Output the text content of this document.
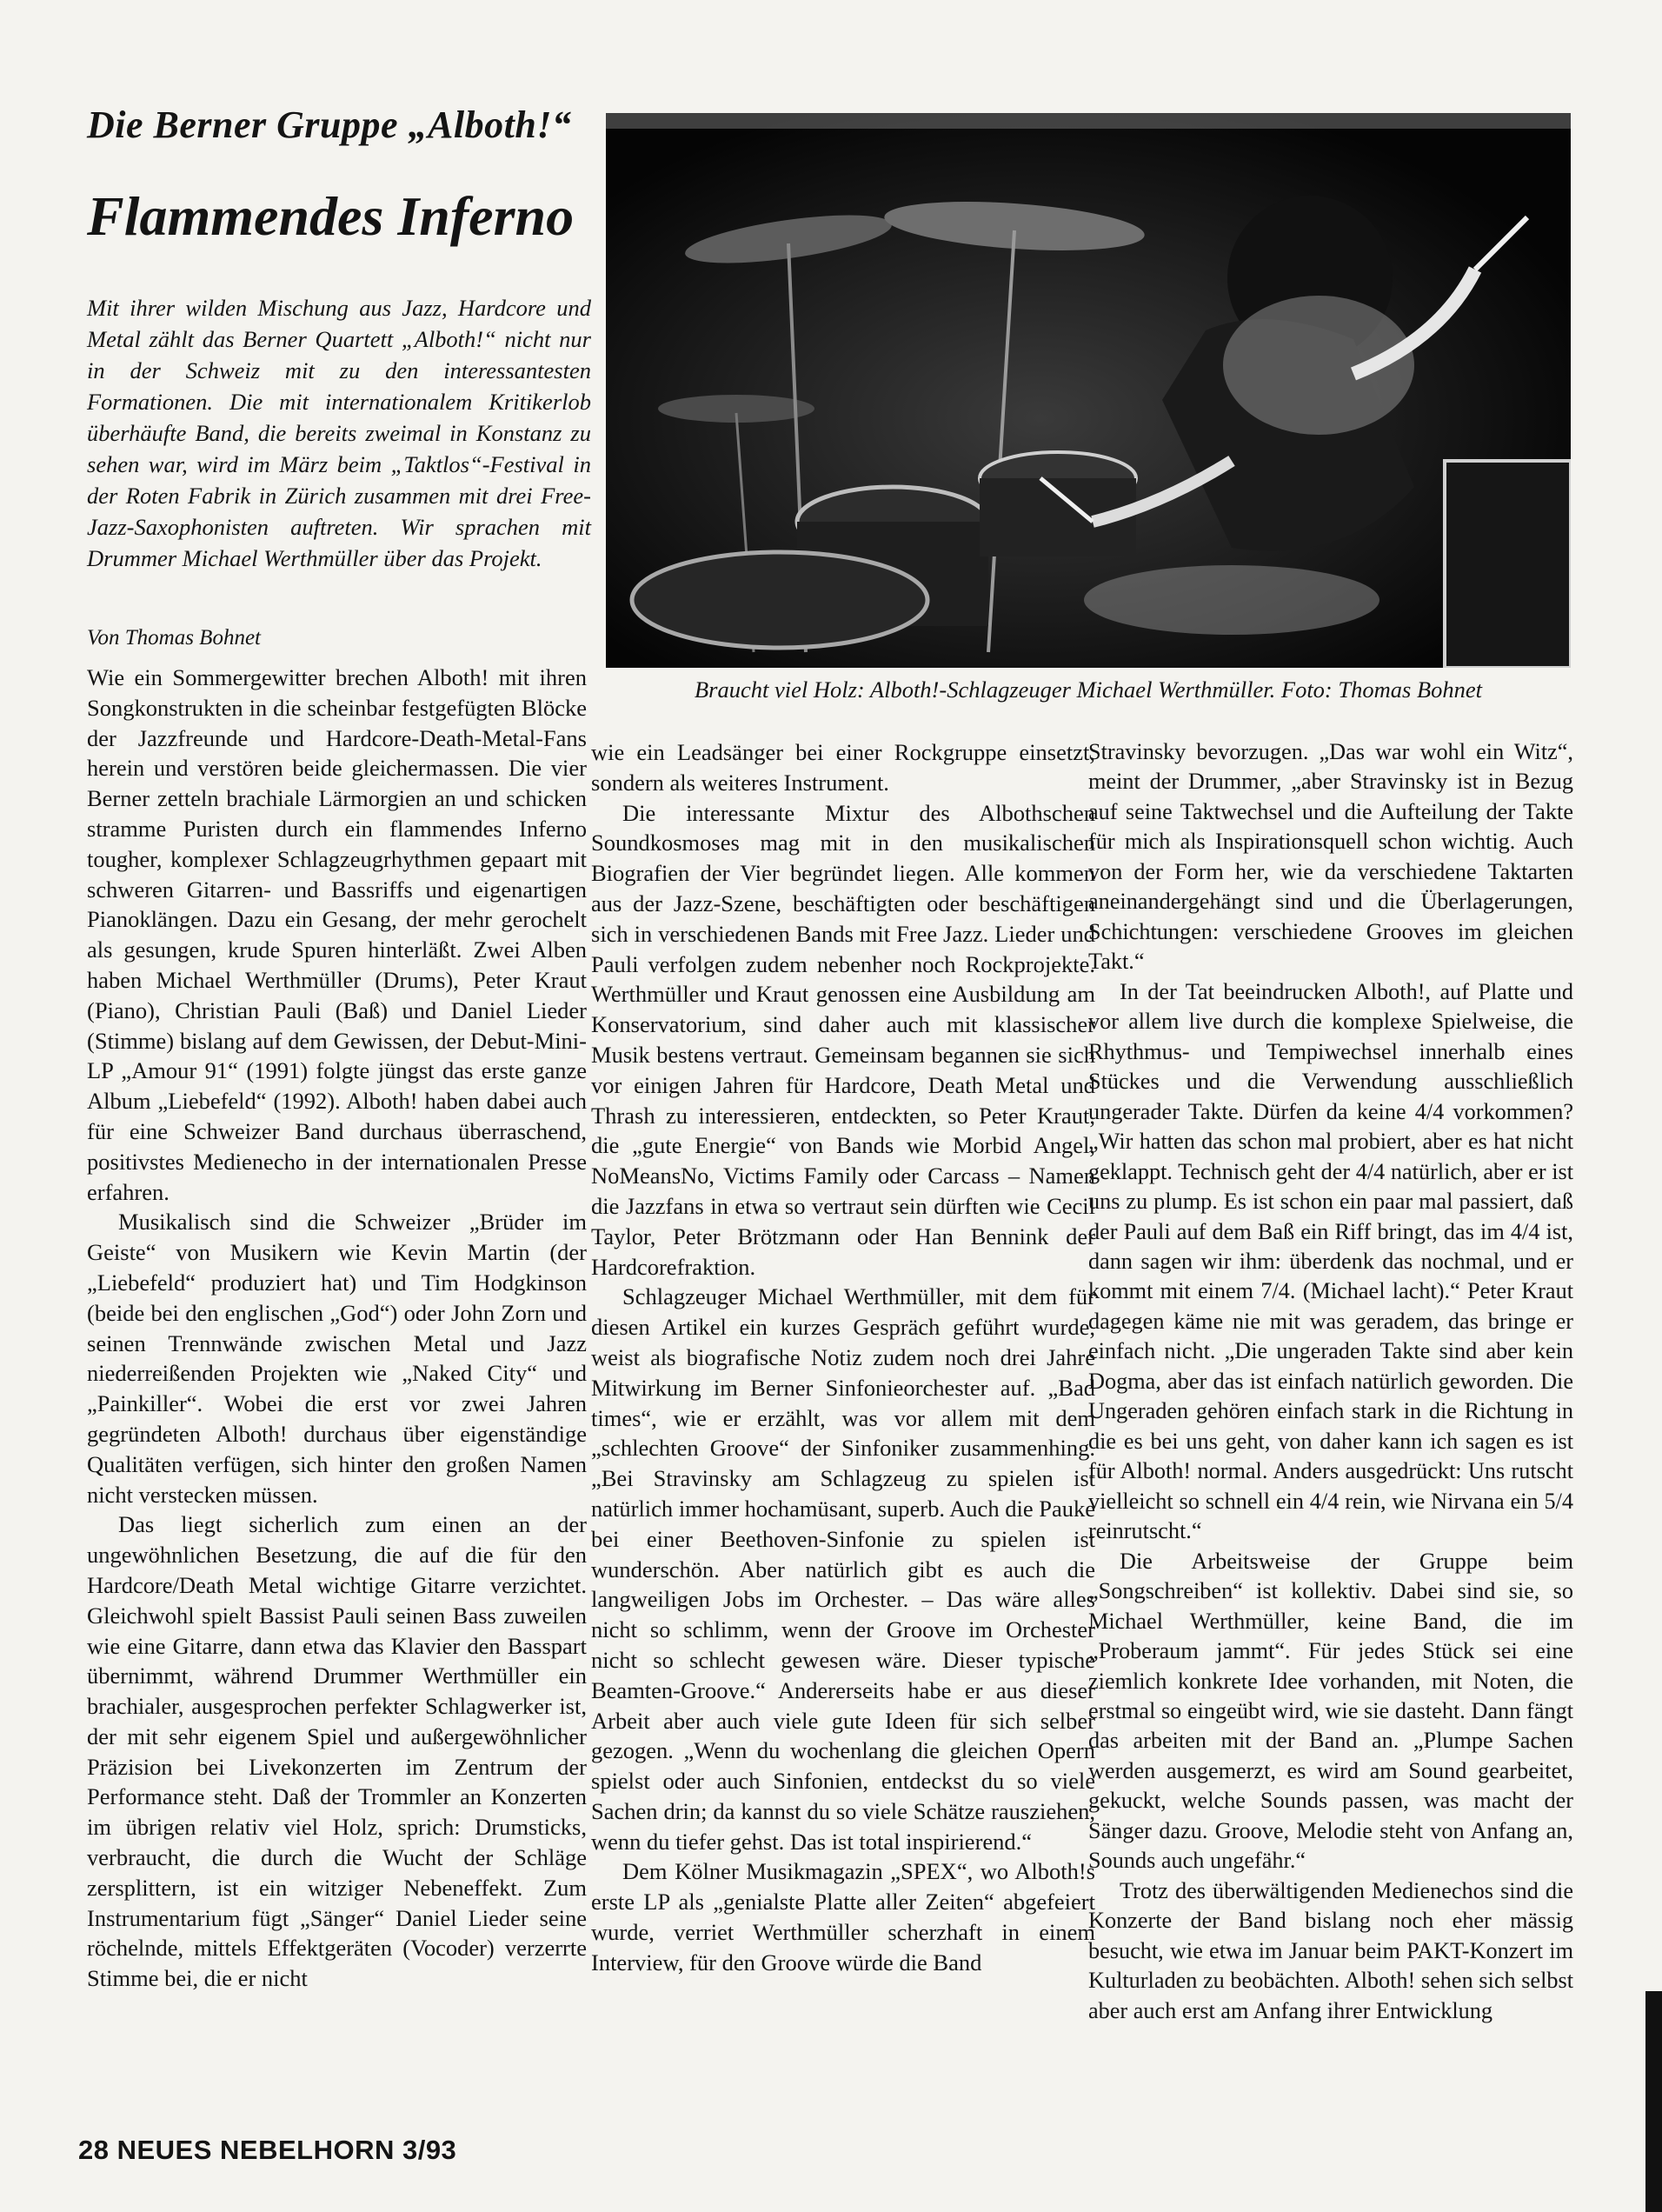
Die Berner Gruppe „Alboth!“
Flammendes Inferno

Mit ihrer wilden Mischung aus Jazz, Hardcore und Metal zählt das Berner Quartett „Alboth!“ nicht nur in der Schweiz mit zu den interessantesten Formationen. Die mit internationalem Kritikerlob überhäufte Band, die bereits zweimal in Konstanz zu sehen war, wird im März beim „Taktlos“-Festival in der Roten Fabrik in Zürich zusammen mit drei Free-Jazz-Saxophonisten auftreten. Wir sprachen mit Drummer Michael Werthmüller über das Projekt.

Von Thomas Bohnet

Braucht viel Holz: Alboth!-Schlagzeuger Michael Werthmüller. Foto: Thomas Bohnet

Wie ein Sommergewitter brechen Alboth! mit ihren Songkonstrukten in die scheinbar festgefügten Blöcke der Jazzfreunde und Hardcore-Death-Metal-Fans herein und verstören beide gleichermassen. Die vier Berner zetteln brachiale Lärmorgien an und schicken stramme Puristen durch ein flammendes Inferno tougher, komplexer Schlagzeugrhythmen gepaart mit schweren Gitarren- und Bassriffs und eigenartigen Pianoklängen. Dazu ein Gesang, der mehr gerochelt als gesungen, krude Spuren hinterläßt. Zwei Alben haben Michael Werthmüller (Drums), Peter Kraut (Piano), Christian Pauli (Baß) und Daniel Lieder (Stimme) bislang auf dem Gewissen, der Debut-Mini-LP „Amour 91“ (1991) folgte jüngst das erste ganze Album „Liebefeld“ (1992). Alboth! haben dabei auch für eine Schweizer Band durchaus überraschend, positivstes Medienecho in der internationalen Presse erfahren.

Musikalisch sind die Schweizer „Brüder im Geiste“ von Musikern wie Kevin Martin (der „Liebefeld“ produziert hat) und Tim Hodgkinson (beide bei den englischen „God“) oder John Zorn und seinen Trennwände zwischen Metal und Jazz niederreißenden Projekten wie „Naked City“ und „Painkiller“. Wobei die erst vor zwei Jahren gegründeten Alboth! durchaus über eigenständige Qualitäten verfügen, sich hinter den großen Namen nicht verstecken müssen.

Das liegt sicherlich zum einen an der ungewöhnlichen Besetzung, die auf die für den Hardcore/Death Metal wichtige Gitarre verzichtet. Gleichwohl spielt Bassist Pauli seinen Bass zuweilen wie eine Gitarre, dann etwa das Klavier den Basspart übernimmt, während Drummer Werthmüller ein brachialer, ausgesprochen perfekter Schlagwerker ist, der mit sehr eigenem Spiel und außergewöhnlicher Präzision bei Livekonzerten im Zentrum der Performance steht. Daß der Trommler an Konzerten im übrigen relativ viel Holz, sprich: Drumsticks, verbraucht, die durch die Wucht der Schläge zersplittern, ist ein witziger Nebeneffekt. Zum Instrumentarium fügt „Sänger“ Daniel Lieder seine röchelnde, mittels Effektgeräten (Vocoder) verzerrte Stimme bei, die er nicht

wie ein Leadsänger bei einer Rockgruppe einsetzt, sondern als weiteres Instrument.

Die interessante Mixtur des Albothschen Soundkosmoses mag mit in den musikalischen Biografien der Vier begründet liegen. Alle kommen aus der Jazz-Szene, beschäftigten oder beschäftigen sich in verschiedenen Bands mit Free Jazz. Lieder und Pauli verfolgen zudem nebenher noch Rockprojekte. Werthmüller und Kraut genossen eine Ausbildung am Konservatorium, sind daher auch mit klassischer Musik bestens vertraut. Gemeinsam begannen sie sich vor einigen Jahren für Hardcore, Death Metal und Thrash zu interessieren, entdeckten, so Peter Kraut, die „gute Energie“ von Bands wie Morbid Angel, NoMeansNo, Victims Family oder Carcass – Namen die Jazzfans in etwa so vertraut sein dürften wie Cecil Taylor, Peter Brötzmann oder Han Bennink der Hardcorefraktion.

Schlagzeuger Michael Werthmüller, mit dem für diesen Artikel ein kurzes Gespräch geführt wurde, weist als biografische Notiz zudem noch drei Jahre Mitwirkung im Berner Sinfonieorchester auf. „Bad times“, wie er erzählt, was vor allem mit dem „schlechten Groove“ der Sinfoniker zusammenhing. „Bei Stravinsky am Schlagzeug zu spielen ist natürlich immer hochamüsant, superb. Auch die Pauke bei einer Beethoven-Sinfonie zu spielen ist wunderschön. Aber natürlich gibt es auch die langweiligen Jobs im Orchester. – Das wäre alles nicht so schlimm, wenn der Groove im Orchester nicht so schlecht gewesen wäre. Dieser typische Beamten-Groove.“ Andererseits habe er aus dieser Arbeit aber auch viele gute Ideen für sich selber gezogen. „Wenn du wochenlang die gleichen Opern spielst oder auch Sinfonien, entdeckst du so viele Sachen drin; da kannst du so viele Schätze rausziehen, wenn du tiefer gehst. Das ist total inspirierend.“

Dem Kölner Musikmagazin „SPEX“, wo Alboth!s erste LP als „genialste Platte aller Zeiten“ abgefeiert wurde, verriet Werthmüller scherzhaft in einem Interview, für den Groove würde die Band

Stravinsky bevorzugen. „Das war wohl ein Witz“, meint der Drummer, „aber Stravinsky ist in Bezug auf seine Taktwechsel und die Aufteilung der Takte für mich als Inspirationsquell schon wichtig. Auch von der Form her, wie da verschiedene Taktarten aneinandergehängt sind und die Überlagerungen, Schichtungen: verschiedene Grooves im gleichen Takt.“

In der Tat beeindrucken Alboth!, auf Platte und vor allem live durch die komplexe Spielweise, die Rhythmus- und Tempiwechsel innerhalb eines Stückes und die Verwendung ausschließlich ungerader Takte. Dürfen da keine 4/4 vorkommen? „Wir hatten das schon mal probiert, aber es hat nicht geklappt. Technisch geht der 4/4 natürlich, aber er ist uns zu plump. Es ist schon ein paar mal passiert, daß der Pauli auf dem Baß ein Riff bringt, das im 4/4 ist, dann sagen wir ihm: überdenk das nochmal, und er kommt mit einem 7/4. (Michael lacht).“ Peter Kraut dagegen käme nie mit was geradem, das bringe er einfach nicht. „Die ungeraden Takte sind aber kein Dogma, aber das ist einfach natürlich geworden. Die Ungeraden gehören einfach stark in die Richtung in die es bei uns geht, von daher kann ich sagen es ist für Alboth! normal. Anders ausgedrückt: Uns rutscht vielleicht so schnell ein 4/4 rein, wie Nirvana ein 5/4 reinrutscht.“

Die Arbeitsweise der Gruppe beim „Songschreiben“ ist kollektiv. Dabei sind sie, so Michael Werthmüller, keine Band, die im „Proberaum jammt“. Für jedes Stück sei eine ziemlich konkrete Idee vorhanden, mit Noten, die erstmal so eingeübt wird, wie sie dasteht. Dann fängt das arbeiten mit der Band an. „Plumpe Sachen werden ausgemerzt, es wird am Sound gearbeitet, gekuckt, welche Sounds passen, was macht der Sänger dazu. Groove, Melodie steht von Anfang an, Sounds auch ungefähr.“

Trotz des überwältigenden Medienechos sind die Konzerte der Band bislang noch eher mässig besucht, wie etwa im Januar beim PAKT-Konzert im Kulturladen zu beobächten. Alboth! sehen sich selbst aber auch erst am Anfang ihrer Entwicklung

28 NEUES NEBELHORN 3/93
